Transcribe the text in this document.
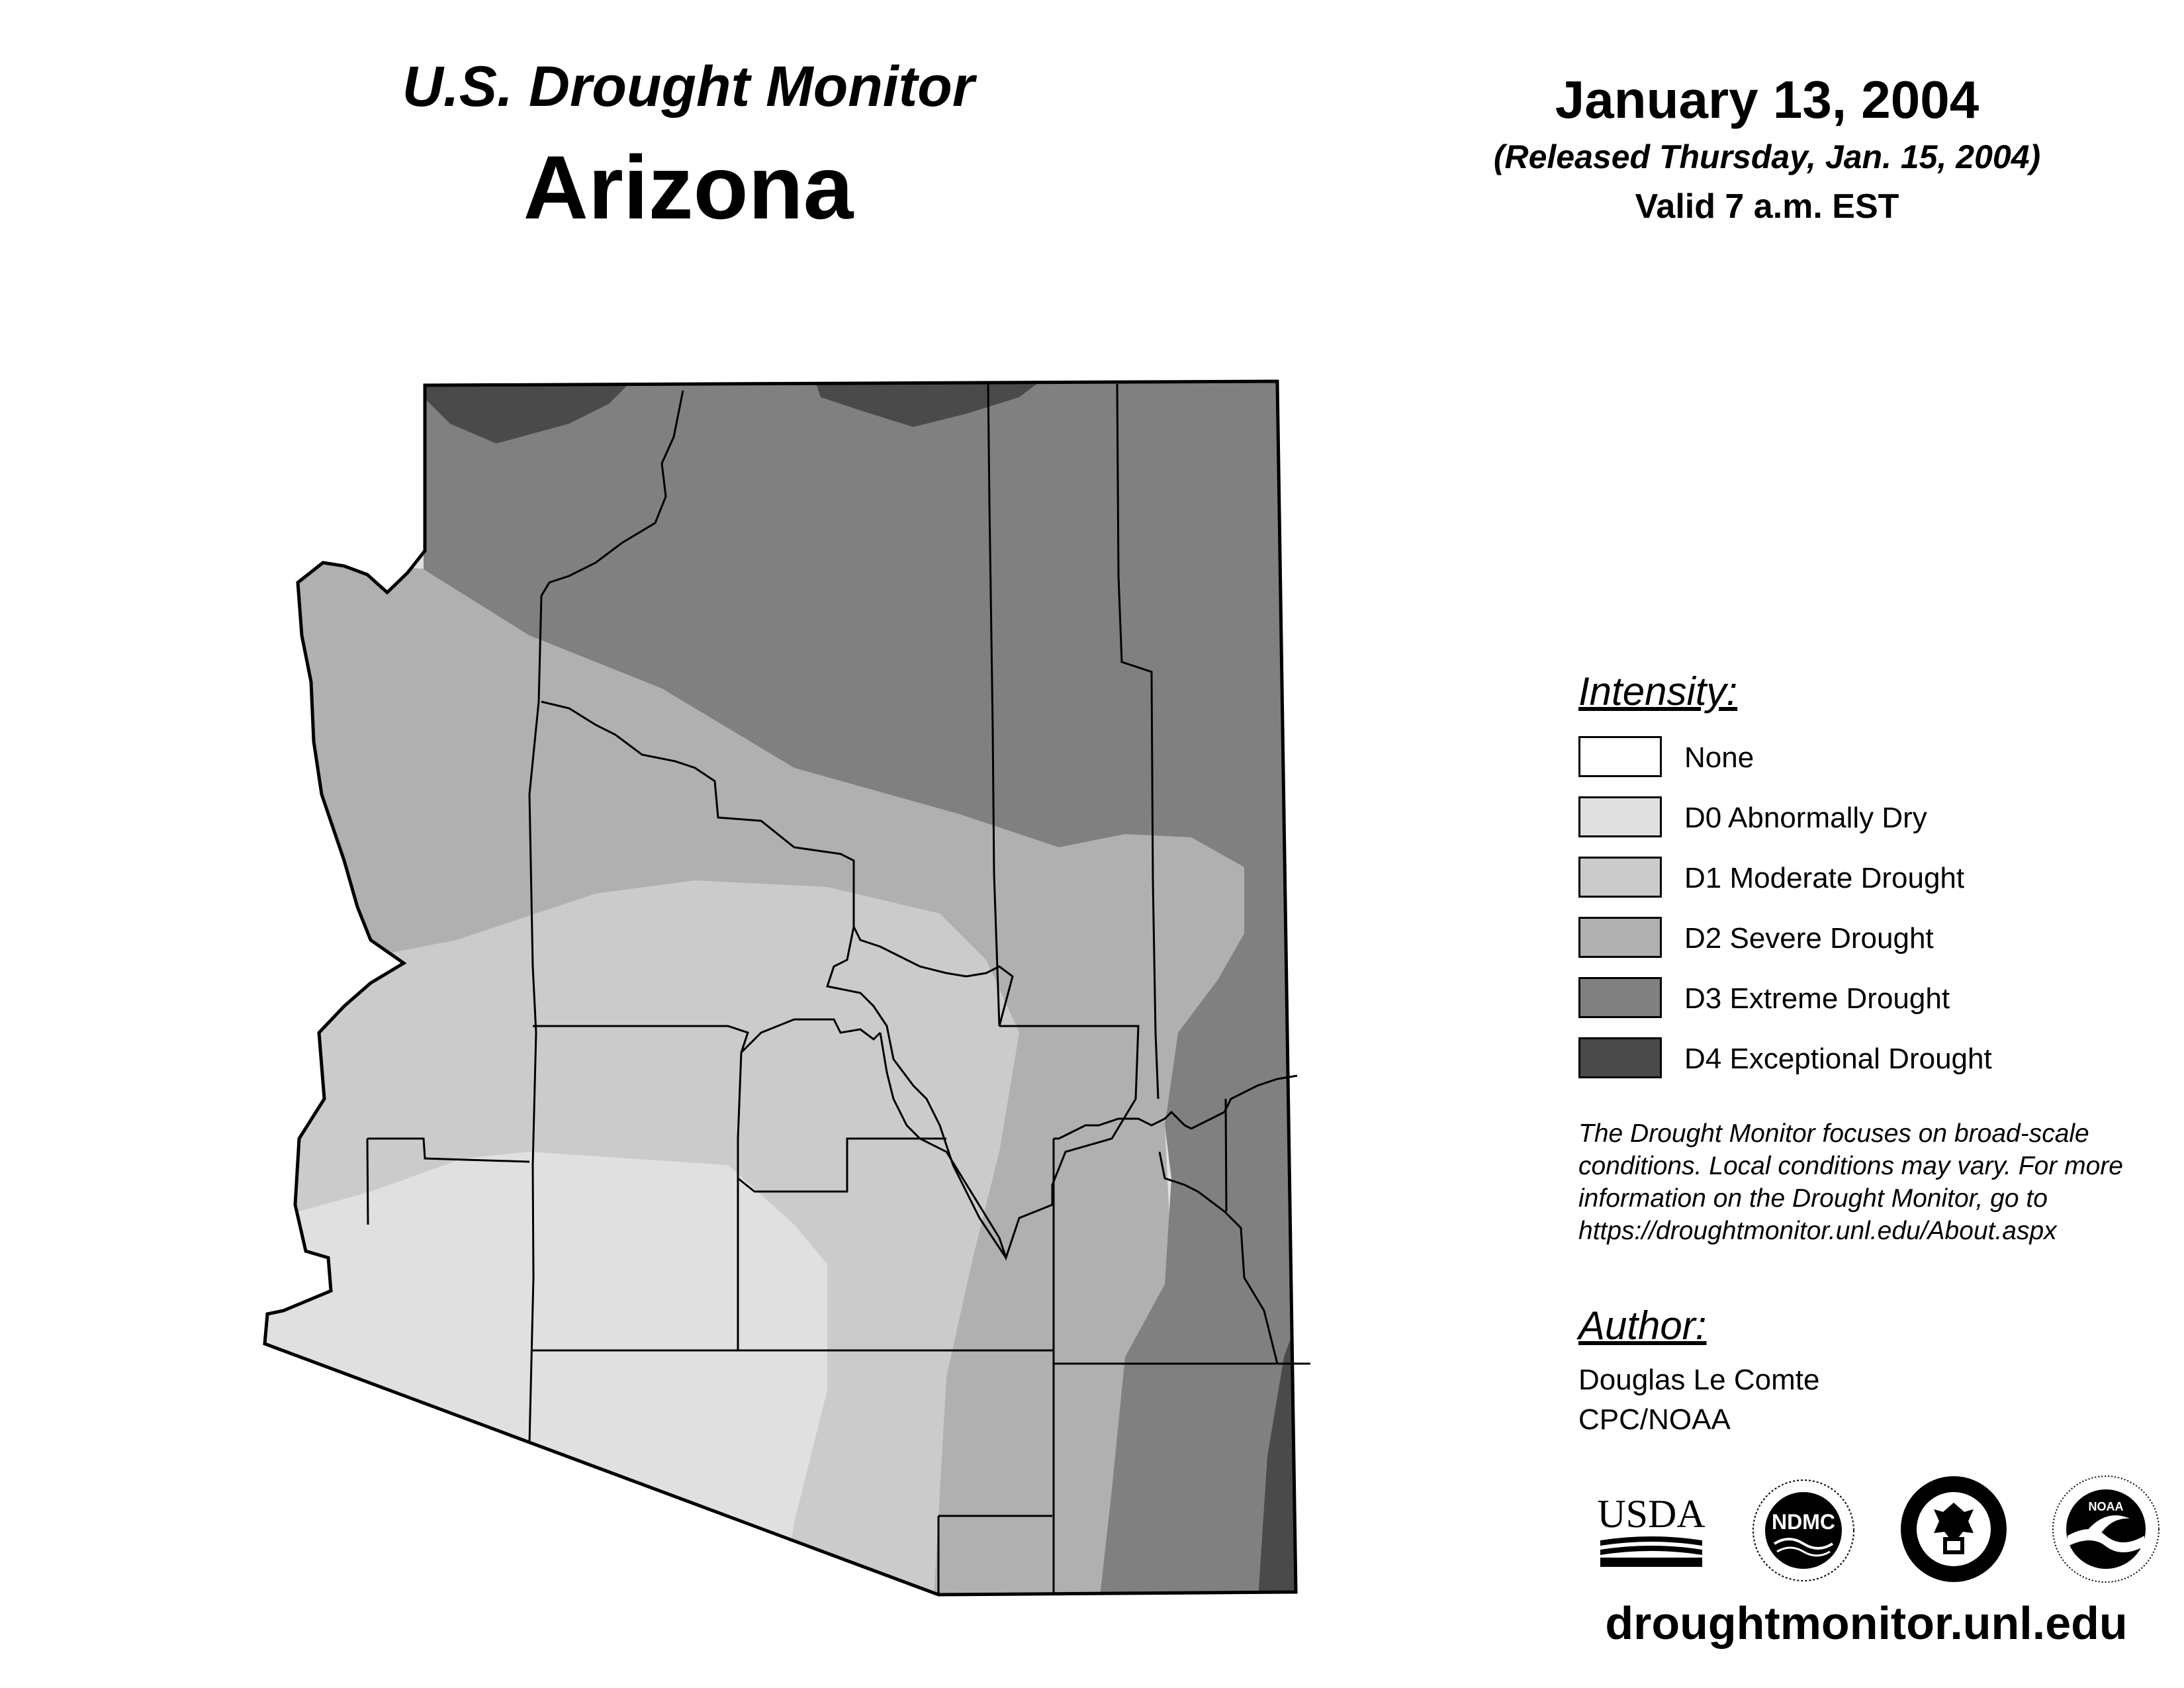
U.S. Drought Monitor
Arizona
January 13, 2004
(Released Thursday, Jan. 15, 2004)
Valid 7 a.m. EST
Intensity:
None
D0 Abnormally Dry
D1 Moderate Drought
D2 Severe Drought
D3 Extreme Drought
D4 Exceptional Drought
The Drought Monitor focuses on broad-scale conditions. Local conditions may vary. For more information on the Drought Monitor, go to https://droughtmonitor.unl.edu/About.aspx
Author:
Douglas Le Comte
CPC/NOAA
USDA	NDMC
NOAA
droughtmonitor.unl.edu
